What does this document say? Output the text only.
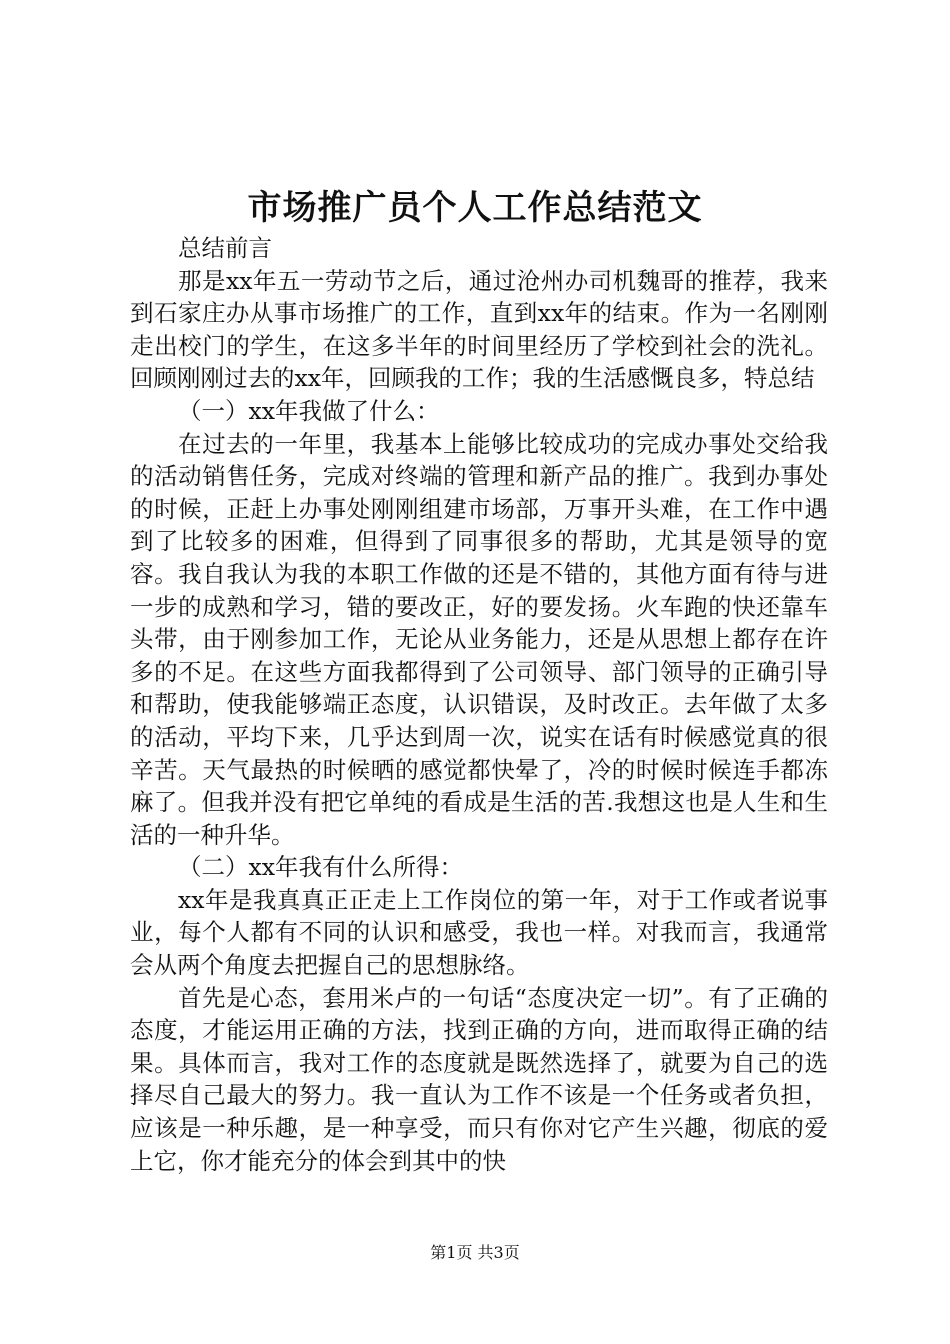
市场推广员个人工作总结范文

总结前言

那是xx年五一劳动节之后，通过沧州办司机魏哥的推荐，我来到石家庄办从事市场推广的工作，直到xx年的结束。作为一名刚刚走出校门的学生，在这多半年的时间里经历了学校到社会的洗礼。回顾刚刚过去的xx年，回顾我的工作；我的生活感慨良多，特总结

（一）xx年我做了什么：

在过去的一年里，我基本上能够比较成功的完成办事处交给我的活动销售任务，完成对终端的管理和新产品的推广。我到办事处的时候，正赶上办事处刚刚组建市场部，万事开头难，在工作中遇到了比较多的困难，但得到了同事很多的帮助，尤其是领导的宽容。我自我认为我的本职工作做的还是不错的，其他方面有待与进一步的成熟和学习，错的要改正，好的要发扬。火车跑的快还靠车头带，由于刚参加工作，无论从业务能力，还是从思想上都存在许多的不足。在这些方面我都得到了公司领导、部门领导的正确引导和帮助，使我能够端正态度，认识错误，及时改正。去年做了太多的活动，平均下来，几乎达到周一次，说实在话有时候感觉真的很辛苦。天气最热的时候晒的感觉都快晕了，冷的时候时候连手都冻麻了。但我并没有把它单纯的看成是生活的苦.我想这也是人生和生活的一种升华。

（二）xx年我有什么所得：

xx年是我真真正正走上工作岗位的第一年，对于工作或者说事业，每个人都有不同的认识和感受，我也一样。对我而言，我通常会从两个角度去把握自己的思想脉络。

首先是心态，套用米卢的一句话“态度决定一切”。有了正确的态度，才能运用正确的方法，找到正确的方向，进而取得正确的结果。具体而言，我对工作的态度就是既然选择了，就要为自己的选择尽自己最大的努力。我一直认为工作不该是一个任务或者负担，应该是一种乐趣，是一种享受，而只有你对它产生兴趣，彻底的爱上它，你才能充分的体会到其中的快

第1页 共3页
